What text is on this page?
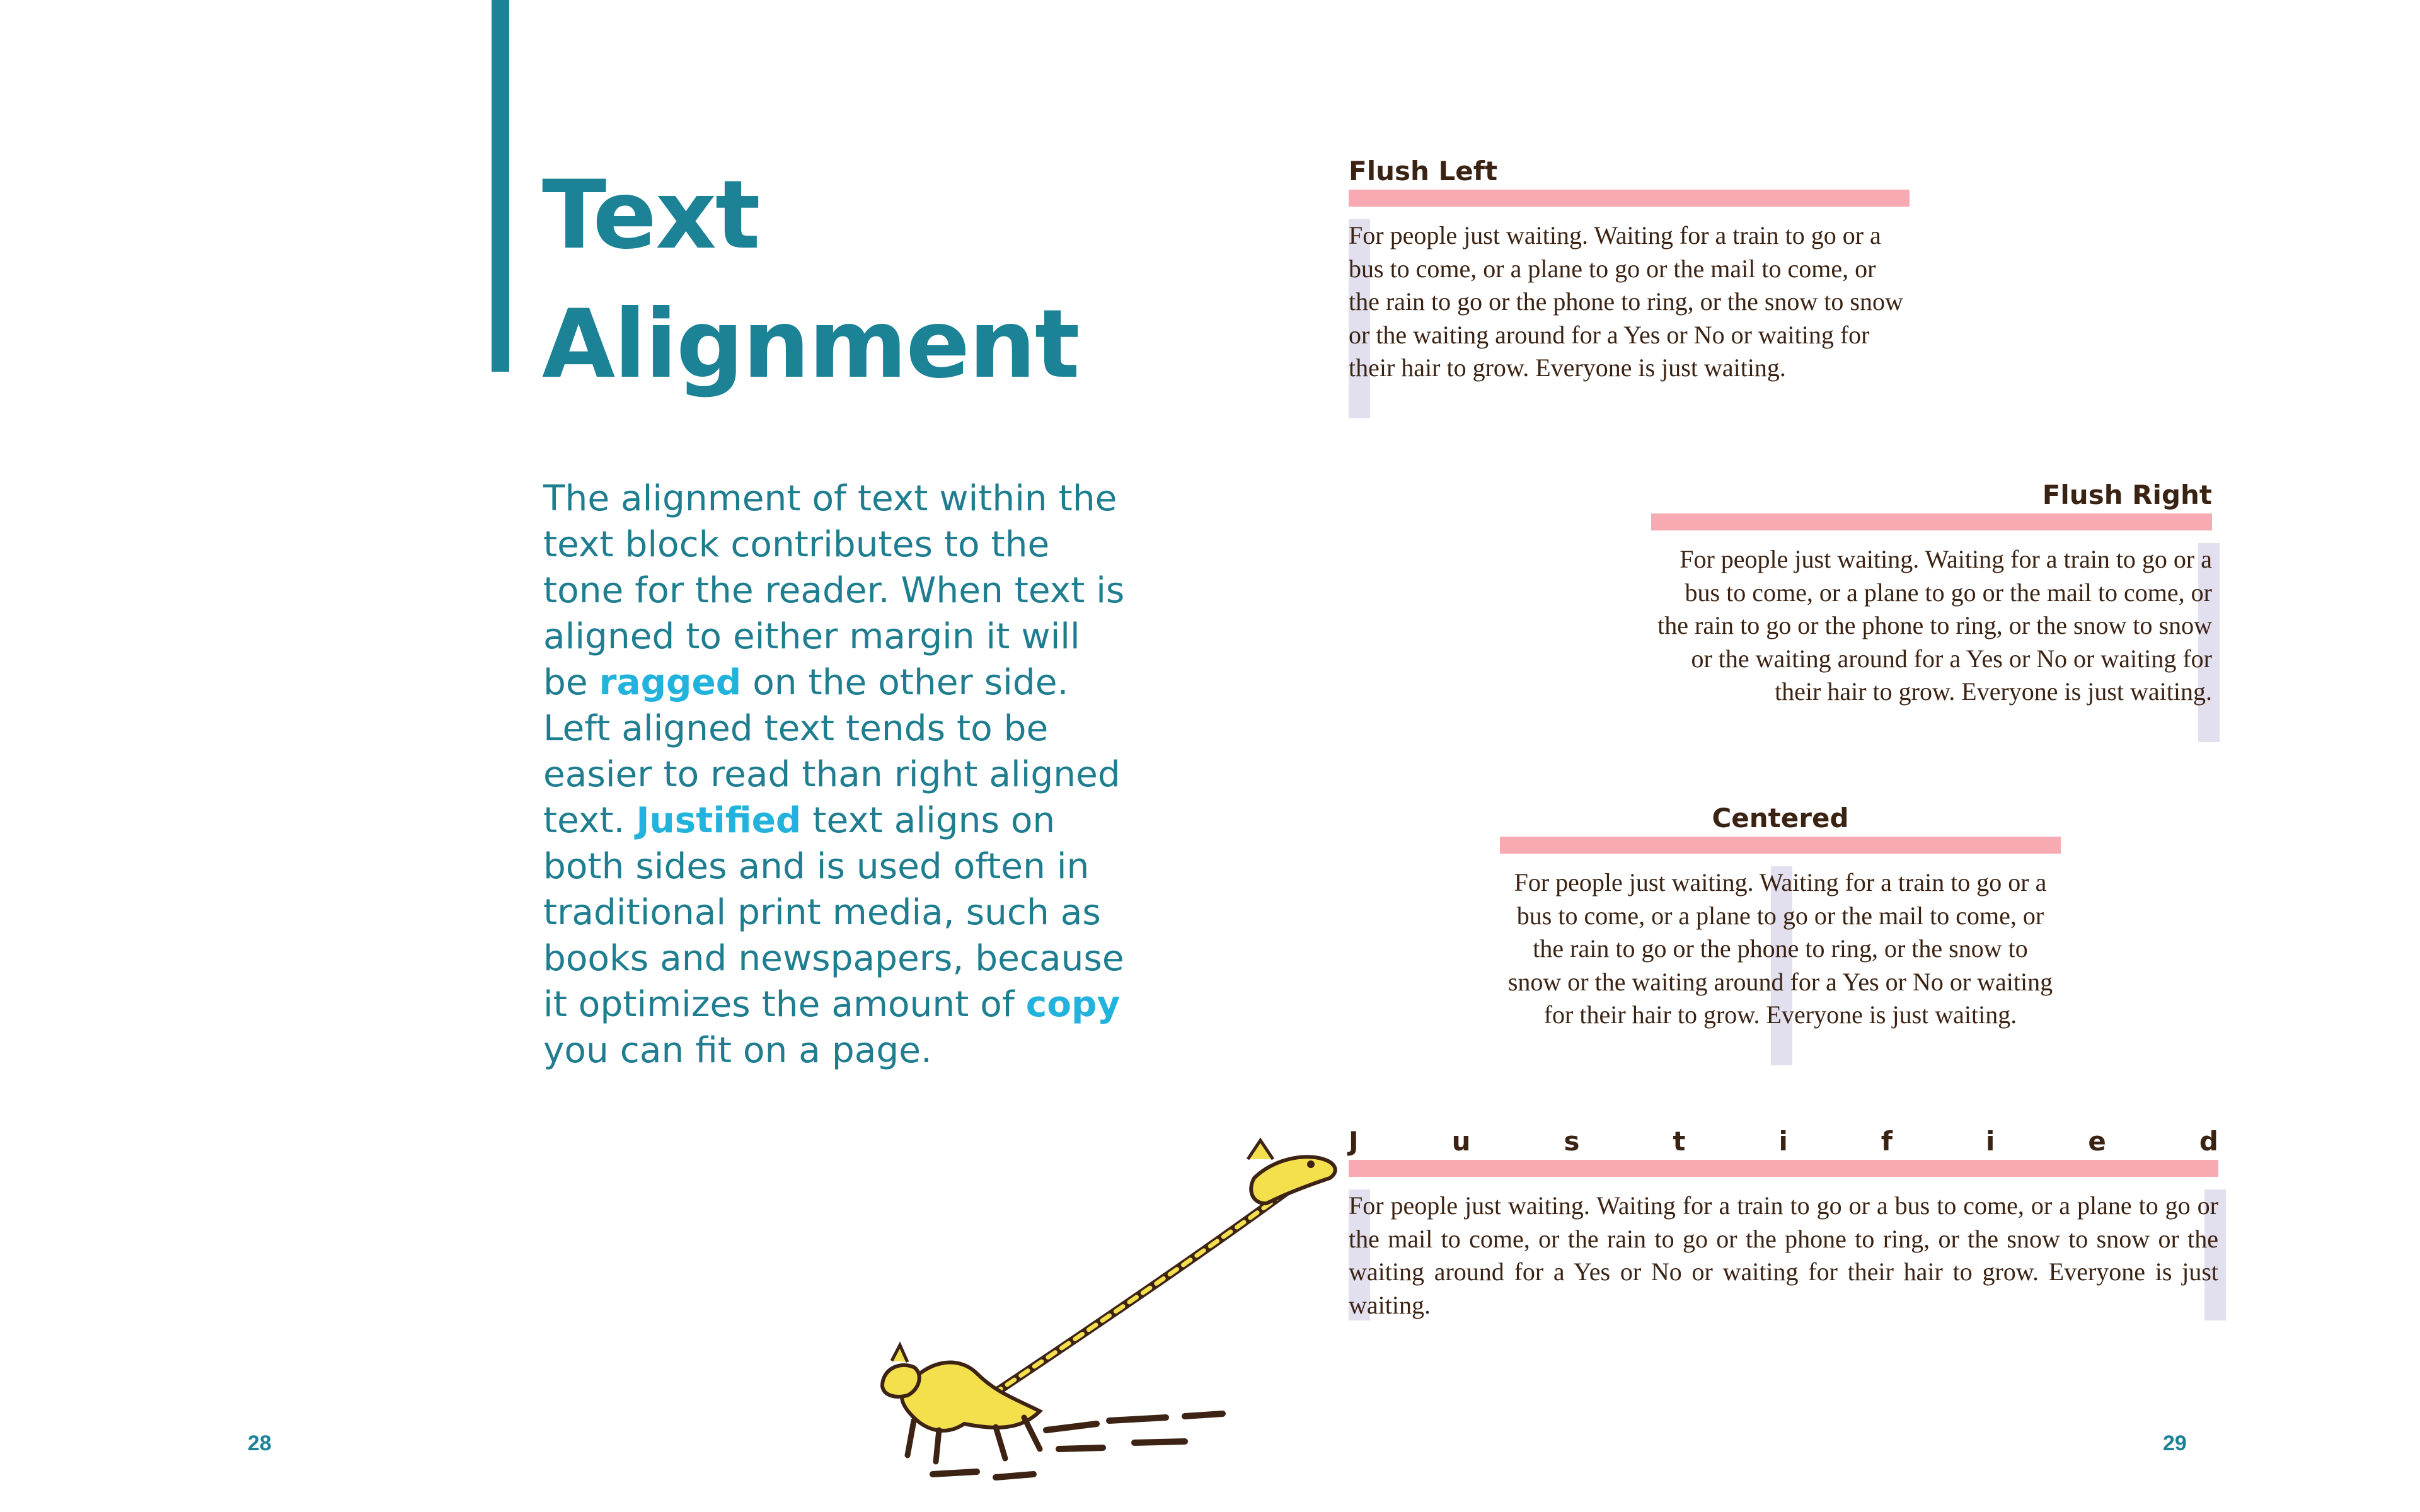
Text
Alignment
The alignment of text within the text block contributes to the tone for the reader. When text is aligned to either margin it will be ragged on the other side. Left aligned text tends to be easier to read than right aligned text. Justified text aligns on both sides and is used often in traditional print media, such as books and newspapers, because it optimizes the amount of copy you can fit on a page.
28	29
Flush Left

For people just waiting. Waiting for a train to go or a bus to come, or a plane to go or the mail to come, or the rain to go or the phone to ring, or the snow to snow or the waiting around for a Yes or No or waiting for their hair to grow. Everyone is just waiting.

Flush Right

For people just waiting. Waiting for a train to go or a bus to come, or a plane to go or the mail to come, or the rain to go or the phone to ring, or the snow to snow or the waiting around for a Yes or No or waiting for their hair to grow. Everyone is just waiting.

Centered

For people just waiting. Waiting for a train to go or a bus to come, or a plane to go or the mail to come, or the rain to go or the phone to ring, or the snow to snow or the waiting around for a Yes or No or waiting for their hair to grow. Everyone is just waiting.

J	u	s	t	i	f	i	e	d

For people just waiting. Waiting for a train to go or a bus to come, or a plane to go or the mail to come, or the rain to go or the phone to ring, or the snow to snow or the waiting around for a Yes or No or waiting for their hair to grow. Everyone is just waiting.
